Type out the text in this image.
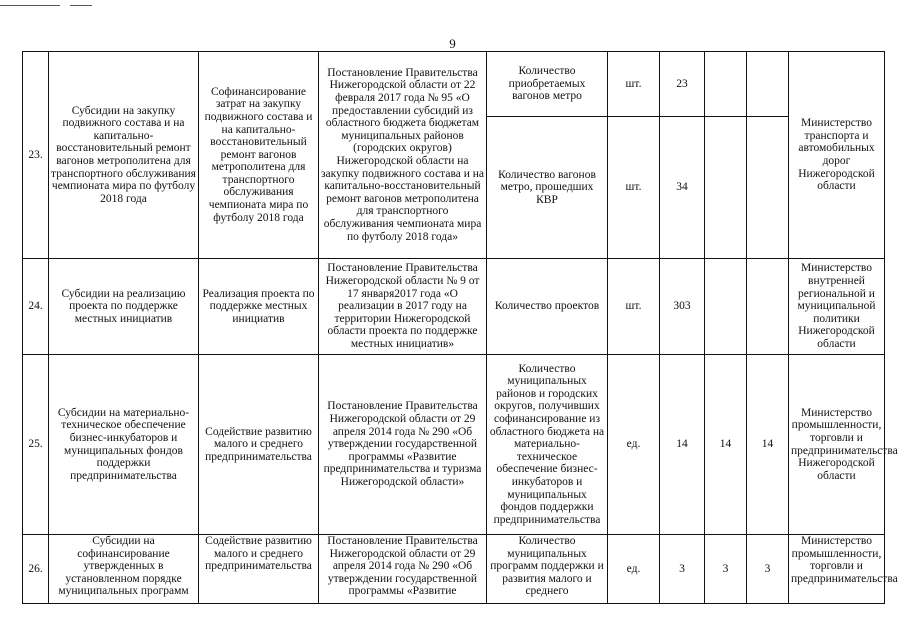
9
23.	Субсидии на закупку подвижного состава и на капитально-восстановительный ремонт вагонов метрополитена для транспортного обслуживания чемпионата мира по футболу 2018 года	Софинансирование затрат на закупку подвижного состава и на капитально-восстановительный ремонт вагонов метрополитена для транспортного обслуживания чемпионата мира по футболу 2018 года	Постановление Правительства Нижегородской области от 22 февраля 2017 года № 95 «О предоставлении субсидий из областного бюджета бюджетам муниципальных районов (городских округов) Нижегородской области на закупку подвижного состава и на капитально-восстановительный ремонт вагонов метрополитена для транспортного обслуживания чемпионата мира по футболу 2018 года»	Количество приобретаемых вагонов метро	шт.	23			Министерство транспорта и автомобильных дорог Нижегородской области
				Количество вагонов метро, прошедших КВР	шт.	34			
24.	Субсидии на реализацию проекта по поддержке местных инициатив	Реализация проекта по поддержке местных инициатив	Постановление Правительства Нижегородской области № 9 от 17 января2017 года «О реализации в 2017 году на территории Нижегородской области проекта по поддержке местных инициатив»	Количество проектов	шт.	303			Министерство внутренней региональной и муниципальной политики Нижегородской области
25.	Субсидии на материально-техническое обеспечение бизнес-инкубаторов и муниципальных фондов поддержки предпринимательства	Содействие развитию малого и среднего предпринимательства	Постановление Правительства Нижегородской области от 29 апреля 2014 года № 290 «Об утверждении государственной программы «Развитие предпринимательства и туризма Нижегородской области»	Количество муниципальных районов и городских округов, получивших софинансирование из областного бюджета на материально-техническое обеспечение бизнес-инкубаторов и муниципальных фондов поддержки предпринимательства	ед.	14	14	14	Министерство промышленности, торговли и предпринимательства Нижегородской области
26.	Субсидии на софинансирование утвержденных в установленном порядке муниципальных программ	Содействие развитию малого и среднего предпринимательства	Постановление Правительства Нижегородской области от 29 апреля 2014 года № 290 «Об утверждении государственной программы «Развитие	Количество муниципальных программ поддержки и развития малого и среднего	ед.	3	3	3	Министерство промышленности, торговли и предпринимательства
